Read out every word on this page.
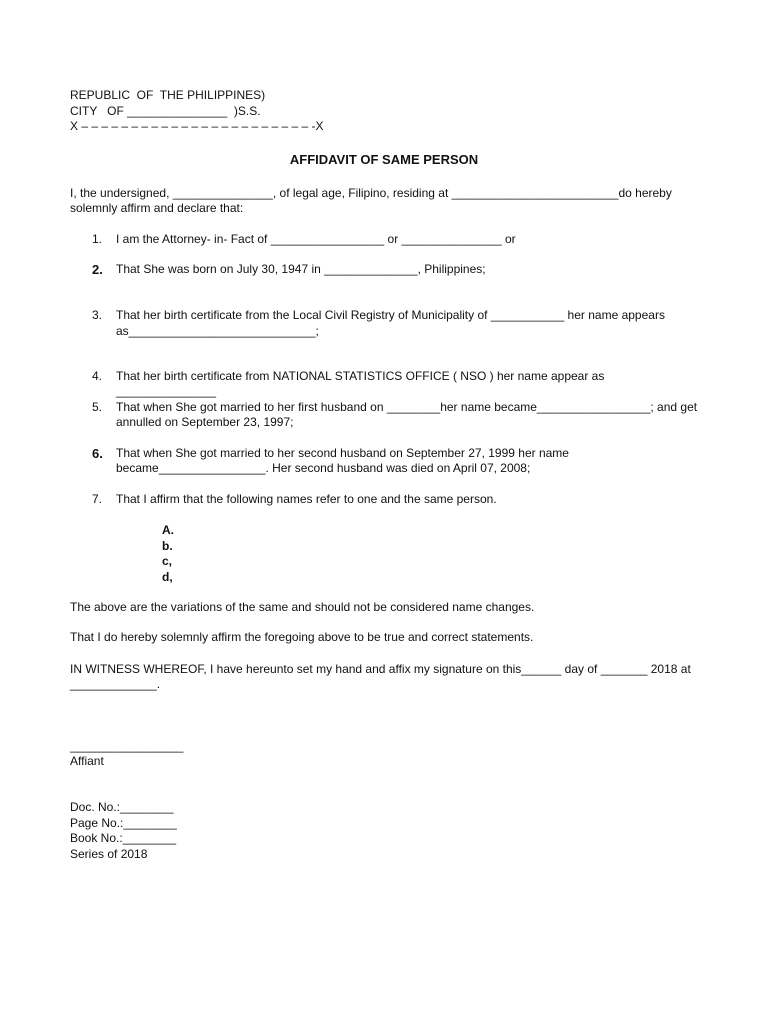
REPUBLIC  OF  THE PHILIPPINES)
CITY   OF _______________  )S.S.
X – – – – – – – – – – – – – – – – – – – – – – – -X
AFFIDAVIT OF SAME PERSON
I, the undersigned, _______________, of legal age, Filipino, residing at _________________________do hereby
solemnly affirm and declare that:
1. I am the Attorney- in- Fact of _________________ or _______________ or
2. That She was born on July 30, 1947 in ______________, Philippines;
3. That her birth certificate from the Local Civil Registry of Municipality of ___________ her name appears
as____________________________;
4. That her birth certificate from NATIONAL STATISTICS OFFICE ( NSO ) her name appear as
_______________
5. That when She got married to her first husband on ________her name became_________________; and get
annulled on September 23, 1997;
6. That when She got married to her second husband on September 27, 1999 her name
became________________. Her second husband was died on April 07, 2008;
7. That I affirm that the following names refer to one and the same person.
A.
b.
c,
d,
The above are the variations of the same and should not be considered name changes.
That I do hereby solemnly affirm the foregoing above to be true and correct statements.
IN WITNESS WHEREOF, I have hereunto set my hand and affix my signature on this______ day of _______ 2018 at
_____________.
_________________
Affiant
Doc. No.:________
Page No.:________
Book No.:________
Series of 2018
